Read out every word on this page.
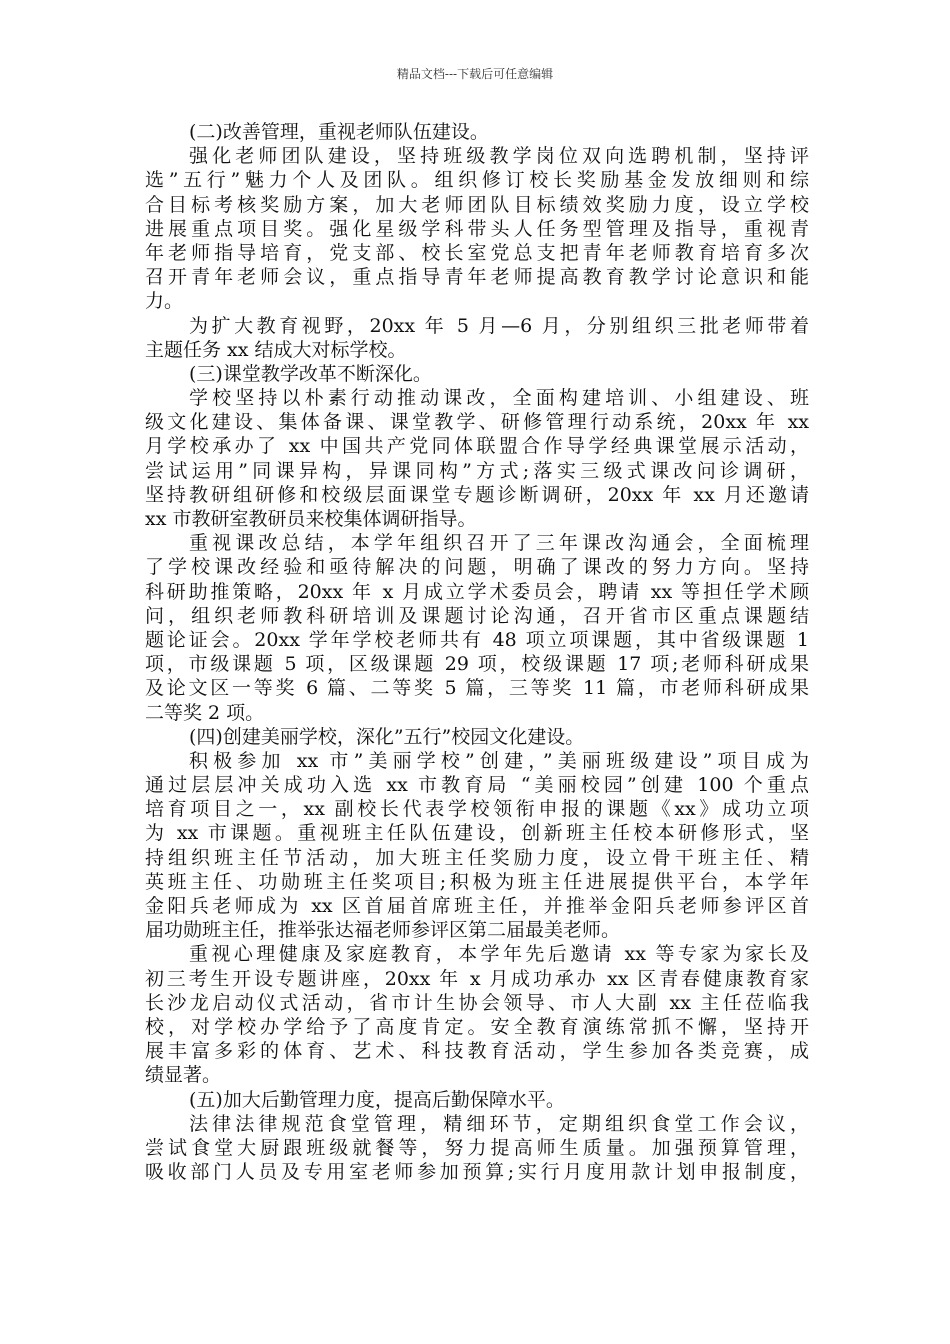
精品文档---下载后可任意编辑
(二)改善管理，重视老师队伍建设。
强化老师团队建设，坚持班级教学岗位双向选聘机制，坚持评
选”五行”魅力个人及团队。组织修订校长奖励基金发放细则和综
合目标考核奖励方案，加大老师团队目标绩效奖励力度，设立学校
进展重点项目奖。强化星级学科带头人任务型管理及指导，重视青
年老师指导培育，党支部、校长室党总支把青年老师教育培育多次
召开青年老师会议，重点指导青年老师提高教育教学讨论意识和能
力。
为扩大教育视野，20xx 年 5 月—6 月，分别组织三批老师带着
主题任务 xx 结成大对标学校。
(三)课堂教学改革不断深化。
学校坚持以朴素行动推动课改，全面构建培训、小组建设、班
级文化建设、集体备课、课堂教学、研修管理行动系统，20xx 年 xx
月学校承办了 xx 中国共产党同体联盟合作导学经典课堂展示活动，
尝试运用”同课异构，异课同构”方式;落实三级式课改问诊调研，
坚持教研组研修和校级层面课堂专题诊断调研，20xx 年 xx 月还邀请
xx 市教研室教研员来校集体调研指导。
重视课改总结，本学年组织召开了三年课改沟通会，全面梳理
了学校课改经验和亟待解决的问题，明确了课改的努力方向。坚持
科研助推策略，20xx 年 x 月成立学术委员会，聘请 xx 等担任学术顾
问，组织老师教科研培训及课题讨论沟通，召开省市区重点课题结
题论证会。20xx 学年学校老师共有 48 项立项课题，其中省级课题 1
项，市级课题 5 项，区级课题 29 项，校级课题 17 项;老师科研成果
及论文区一等奖 6 篇、二等奖 5 篇，三等奖 11 篇，市老师科研成果
二等奖 2 项。
(四)创建美丽学校，深化”五行”校园文化建设。
积极参加 xx 市”美丽学校”创建，”美丽班级建设”项目成为
通过层层冲关成功入选 xx 市教育局 “美丽校园”创建 100 个重点
培育项目之一，xx 副校长代表学校领衔申报的课题《xx》成功立项
为 xx 市课题。重视班主任队伍建设，创新班主任校本研修形式，坚
持组织班主任节活动，加大班主任奖励力度，设立骨干班主任、精
英班主任、功勋班主任奖项目;积极为班主任进展提供平台，本学年
金阳兵老师成为 xx 区首届首席班主任，并推举金阳兵老师参评区首
届功勋班主任，推举张达福老师参评区第二届最美老师。
重视心理健康及家庭教育，本学年先后邀请 xx 等专家为家长及
初三考生开设专题讲座，20xx 年 x 月成功承办 xx 区青春健康教育家
长沙龙启动仪式活动，省市计生协会领导、市人大副 xx 主任莅临我
校，对学校办学给予了高度肯定。安全教育演练常抓不懈，坚持开
展丰富多彩的体育、艺术、科技教育活动，学生参加各类竞赛，成
绩显著。
(五)加大后勤管理力度，提高后勤保障水平。
法律法律规范食堂管理，精细环节，定期组织食堂工作会议，
尝试食堂大厨跟班级就餐等，努力提高师生质量。加强预算管理，
吸收部门人员及专用室老师参加预算;实行月度用款计划申报制度，
